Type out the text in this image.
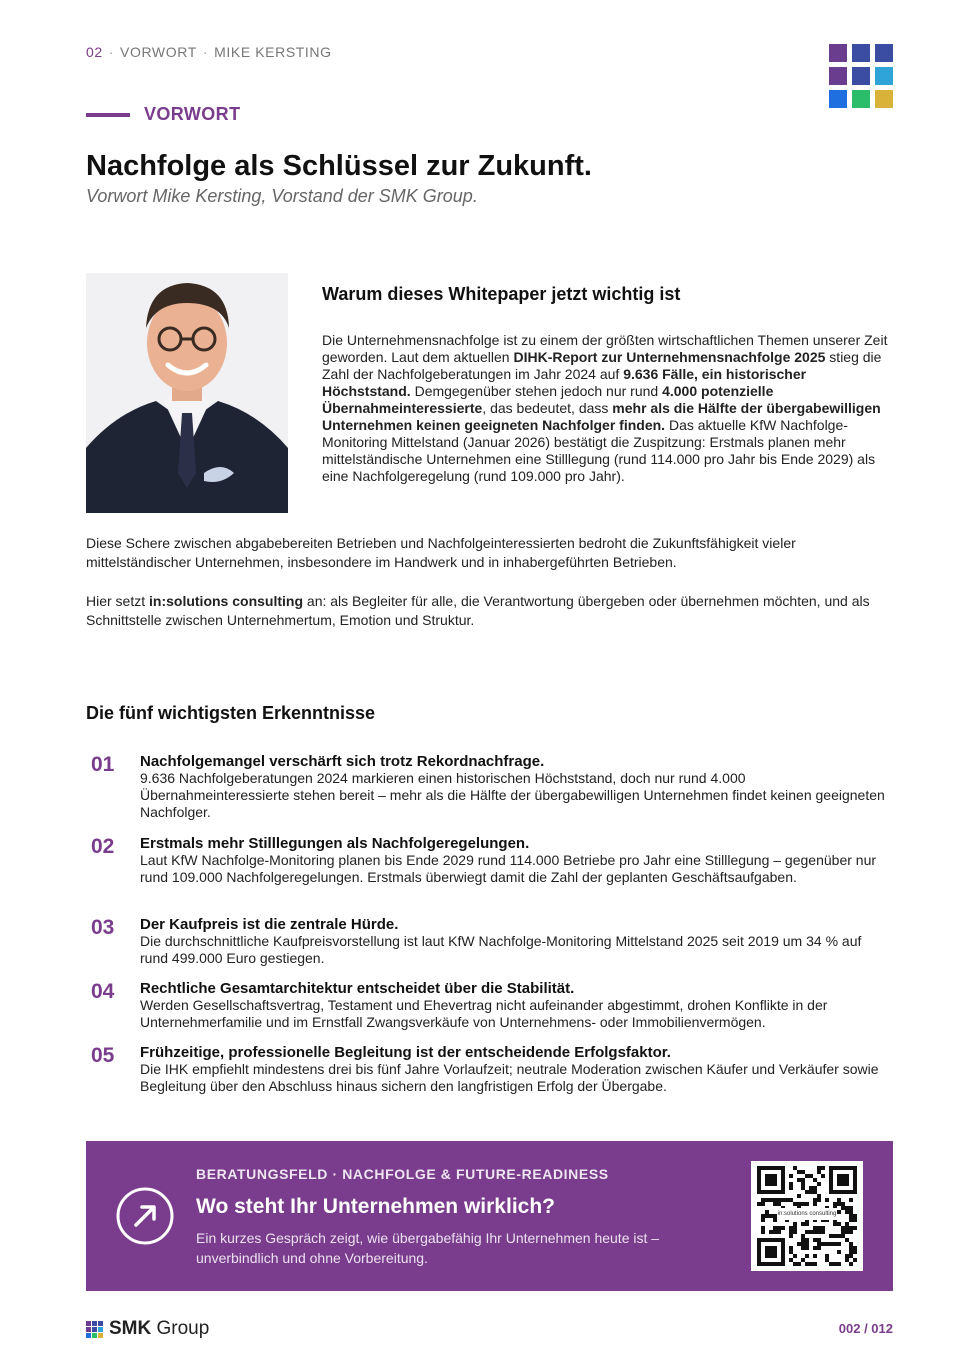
02 · VORWORT · MIKE KERSTING
VORWORT
Nachfolge als Schlüssel zur Zukunft.
Vorwort Mike Kersting, Vorstand der SMK Group.
Warum dieses Whitepaper jetzt wichtig ist

Die Unternehmensnachfolge ist zu einem der größten wirtschaftlichen Themen unserer Zeit geworden. Laut dem aktuellen DIHK-Report zur Unternehmensnachfolge 2025 stieg die Zahl der Nachfolgeberatungen im Jahr 2024 auf 9.636 Fälle, ein historischer Höchststand. Demgegenüber stehen jedoch nur rund 4.000 potenzielle Übernahmeinteressierte, das bedeutet, dass mehr als die Hälfte der übergabewilligen Unternehmen keinen geeigneten Nachfolger finden. Das aktuelle KfW Nachfolge-Monitoring Mittelstand (Januar 2026) bestätigt die Zuspitzung: Erstmals planen mehr mittelständische Unternehmen eine Stilllegung (rund 114.000 pro Jahr bis Ende 2029) als eine Nachfolgeregelung (rund 109.000 pro Jahr).

Diese Schere zwischen abgabebereiten Betrieben und Nachfolgeinteressierten bedroht die Zukunftsfähigkeit vieler mittelständischer Unternehmen, insbesondere im Handwerk und in inhabergeführten Betrieben.

Hier setzt in:solutions consulting an: als Begleiter für alle, die Verantwortung übergeben oder übernehmen möchten, und als Schnittstelle zwischen Unternehmertum, Emotion und Struktur.

Die fünf wichtigsten Erkenntnisse
01 Nachfolgemangel verschärft sich trotz Rekordnachfrage.
9.636 Nachfolgeberatungen 2024 markieren einen historischen Höchststand, doch nur rund 4.000 Übernahmeinteressierte stehen bereit – mehr als die Hälfte der übergabewilligen Unternehmen findet keinen geeigneten Nachfolger.
02 Erstmals mehr Stilllegungen als Nachfolgeregelungen.
Laut KfW Nachfolge-Monitoring planen bis Ende 2029 rund 114.000 Betriebe pro Jahr eine Stilllegung – gegenüber nur rund 109.000 Nachfolgeregelungen. Erstmals überwiegt damit die Zahl der geplanten Geschäftsaufgaben.
03 Der Kaufpreis ist die zentrale Hürde.
Die durchschnittliche Kaufpreisvorstellung ist laut KfW Nachfolge-Monitoring Mittelstand 2025 seit 2019 um 34 % auf rund 499.000 Euro gestiegen.
04 Rechtliche Gesamtarchitektur entscheidet über die Stabilität.
Werden Gesellschaftsvertrag, Testament und Ehevertrag nicht aufeinander abgestimmt, drohen Konflikte in der Unternehmerfamilie und im Ernstfall Zwangsverkäufe von Unternehmens- oder Immobilienvermögen.
05 Frühzeitige, professionelle Begleitung ist der entscheidende Erfolgsfaktor.
Die IHK empfiehlt mindestens drei bis fünf Jahre Vorlaufzeit; neutrale Moderation zwischen Käufer und Verkäufer sowie Begleitung über den Abschluss hinaus sichern den langfristigen Erfolg der Übergabe.
BERATUNGSFELD · NACHFOLGE & FUTURE-READINESS
Wo steht Ihr Unternehmen wirklich?
Ein kurzes Gespräch zeigt, wie übergabefähig Ihr Unternehmen heute ist – unverbindlich und ohne Vorbereitung.
in:solutions consulting
SMK Group	002 / 012
